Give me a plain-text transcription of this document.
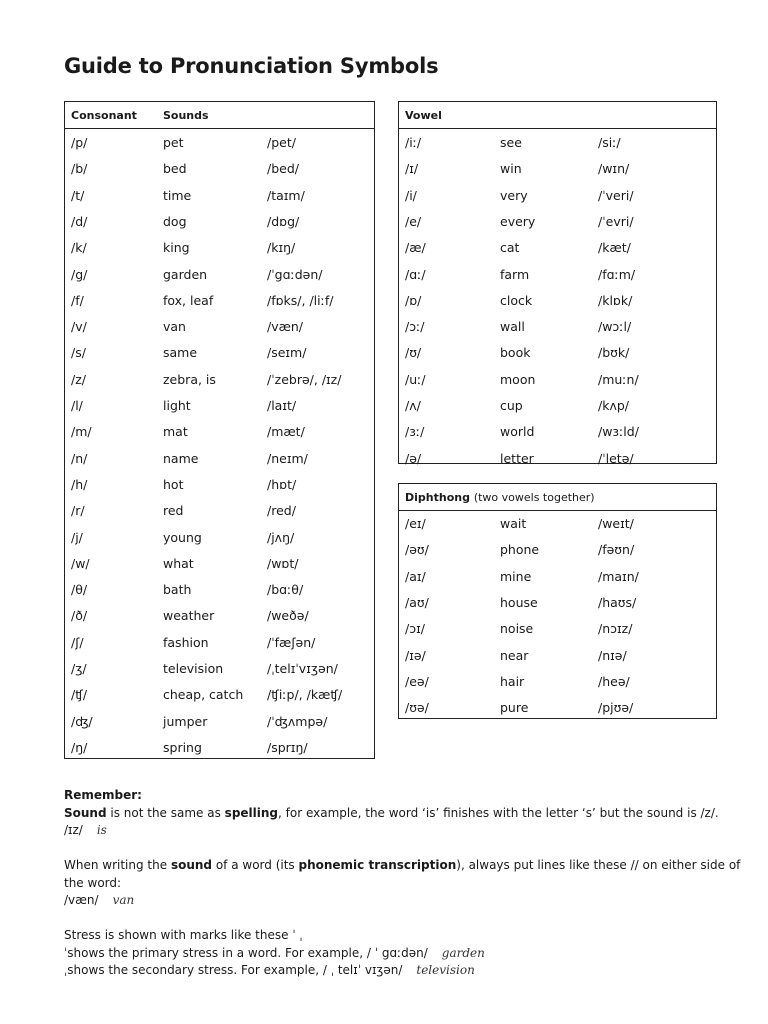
Guide to Pronunciation Symbols
Consonant Sounds
/p/	pet	/pet/
/b/	bed	/bed/
/t/	time	/taɪm/
/d/	dog	/dɒg/
/k/	king	/kɪŋ/
/g/	garden	/ˈgɑːdən/
/f/	fox, leaf	/fɒks/, /liːf/
/v/	van	/væn/
/s/	same	/seɪm/
/z/	zebra, is	/ˈzebrə/, /ɪz/
/l/	light	/laɪt/
/m/	mat	/mæt/
/n/	name	/neɪm/
/h/	hot	/hɒt/
/r/	red	/red/
/j/	young	/jʌŋ/
/w/	what	/wɒt/
/θ/	bath	/bɑːθ/
/ð/	weather	/weðə/
/ʃ/	fashion	/ˈfæʃən/
/ʒ/	television	/ˌtelɪˈvɪʒən/
/ʧ/	cheap, catch /ʧiːp/, /kæʧ/
/ʤ/	jumper	/ˈʤʌmpə/
/ŋ/	spring	/sprɪŋ/
Vowel
/iː/	see	/siː/
/ɪ/	win	/wɪn/
/i/	very	/ˈveri/
/e/	every	/ˈevri/
/æ/	cat	/kæt/
/ɑː/	farm	/fɑːm/
/ɒ/	clock	/klɒk/
/ɔː/	wall	/wɔːl/
/ʊ/	book	/bʊk/
/uː/	moon	/muːn/
/ʌ/	cup	/kʌp/
/ɜː/	world	/wɜːld/
/ə/	letter	/ˈletə/
Diphthong (two vowels together)
/eɪ/	wait	/weɪt/
/əʊ/	phone	/fəʊn/
/aɪ/	mine	/maɪn/
/aʊ/	house	/haʊs/
/ɔɪ/	noise	/nɔɪz/
/ɪə/	near	/nɪə/
/eə/	hair	/heə/
/ʊə/	pure	/pjʊə/

Remember:

Sound is not the same as spelling, for example, the word ‘is’ finishes with the letter ‘s’ but the sound is /z/.

/ɪz/ is

When writing the sound of a word (its phonemic transcription), always put lines like these // on either side of the word:

/væn/ van

Stress is shown with marks like these ˈ ˌ

ˈshows the primary stress in a word. For example, / ˈ gɑːdən/ garden

ˌshows the secondary stress. For example, / ˌ telɪˈ vɪʒən/ television
